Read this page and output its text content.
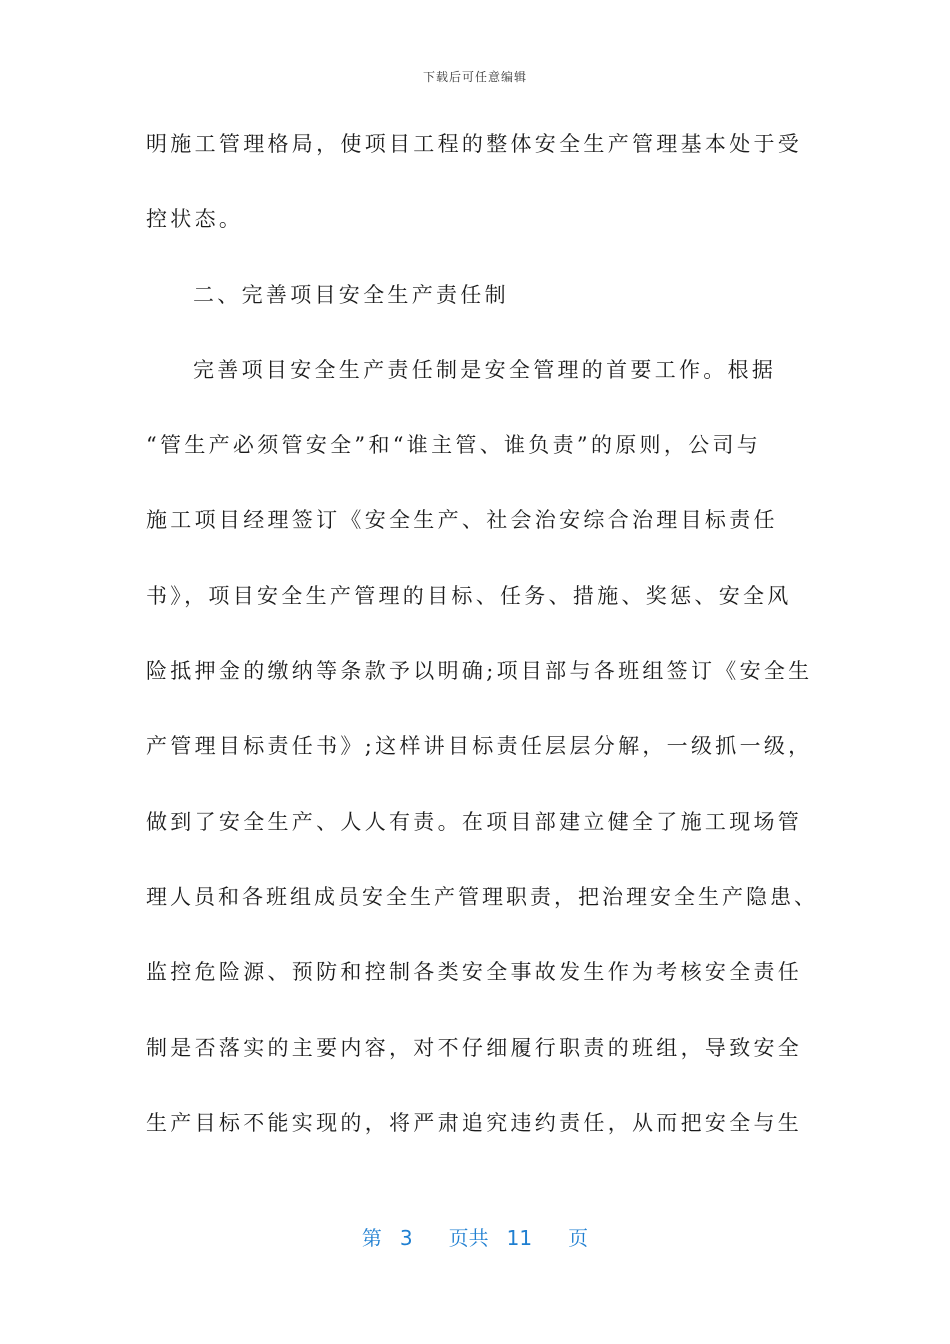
下载后可任意编辑
明施工管理格局，使项目工程的整体安全生产管理基本处于受
控状态。
二、完善项目安全生产责任制
完善项目安全生产责任制是安全管理的首要工作。根据
“管生产必须管安全”和“谁主管、谁负责”的原则，公司与
施工项目经理签订《安全生产、社会治安综合治理目标责任
书》，项目安全生产管理的目标、任务、措施、奖惩、安全风
险抵押金的缴纳等条款予以明确;项目部与各班组签订《安全生
产管理目标责任书》;这样讲目标责任层层分解，一级抓一级，
做到了安全生产、人人有责。在项目部建立健全了施工现场管
理人员和各班组成员安全生产管理职责，把治理安全生产隐患、
监控危险源、预防和控制各类安全事故发生作为考核安全责任
制是否落实的主要内容，对不仔细履行职责的班组，导致安全
生产目标不能实现的，将严肃追究违约责任，从而把安全与生
第 3 页共 11 页
